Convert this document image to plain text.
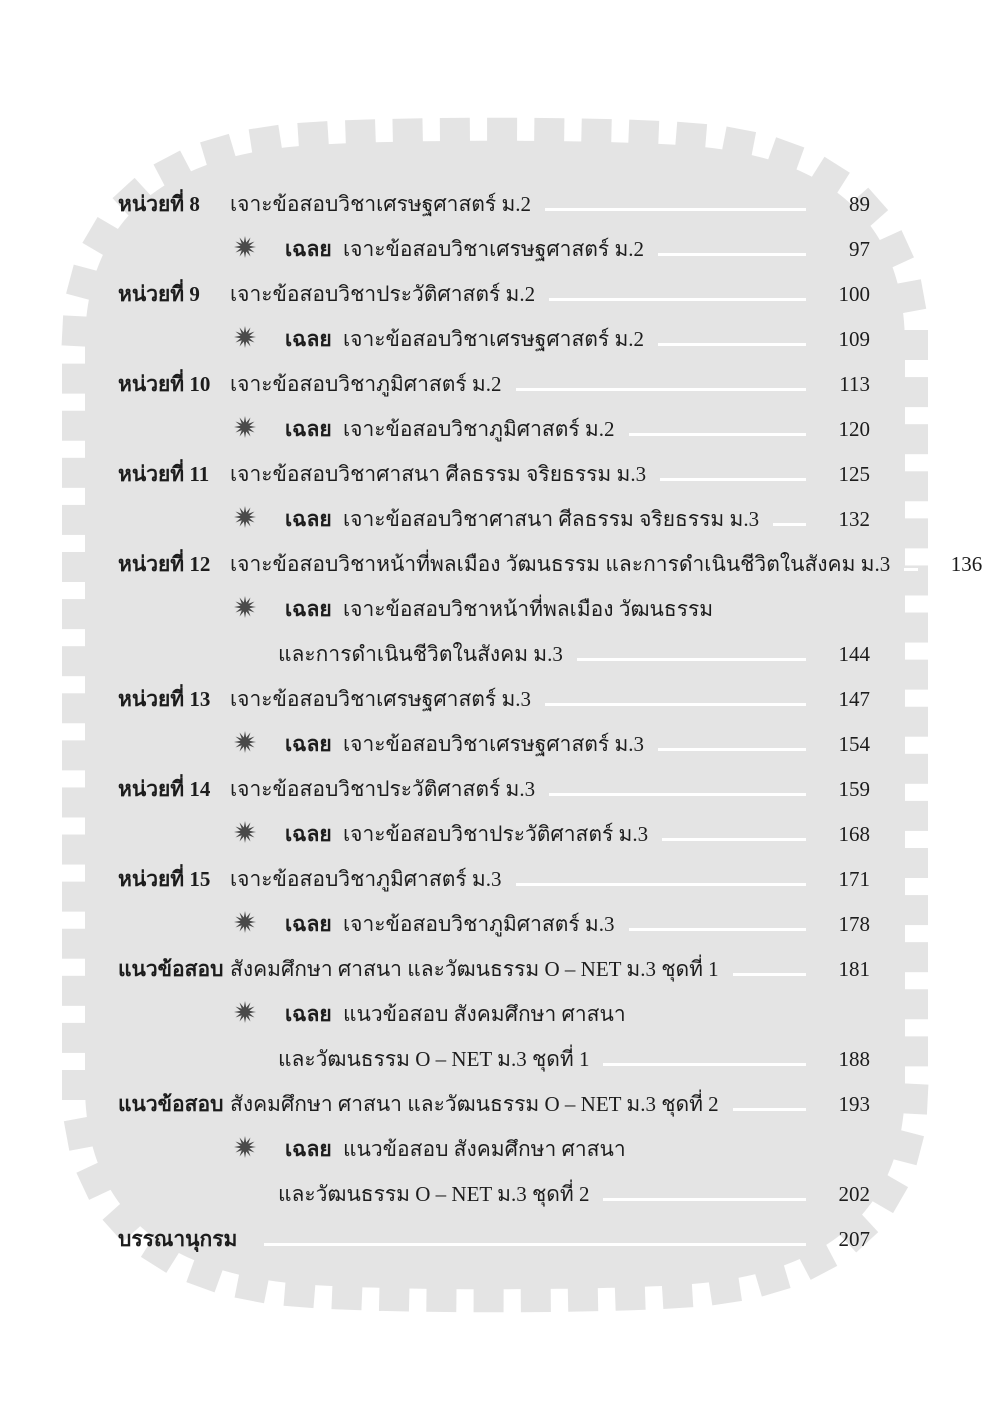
หน่วยที่ 8	เจาะข้อสอบวิชาเศรษฐศาสตร์ ม.2	89
เฉลย เจาะข้อสอบวิชาเศรษฐศาสตร์ ม.2	97
หน่วยที่ 9	เจาะข้อสอบวิชาประวัติศาสตร์ ม.2	100
เฉลย เจาะข้อสอบวิชาเศรษฐศาสตร์ ม.2	109
หน่วยที่ 10 เจาะข้อสอบวิชาภูมิศาสตร์ ม.2	113
เฉลย เจาะข้อสอบวิชาภูมิศาสตร์ ม.2	120
หน่วยที่ 11 เจาะข้อสอบวิชาศาสนา ศีลธรรม จริยธรรม ม.3	125
เฉลย เจาะข้อสอบวิชาศาสนา ศีลธรรม จริยธรรม ม.3	132
หน่วยที่ 12 เจาะข้อสอบวิชาหน้าที่พลเมือง วัฒนธรรม และการดำเนินชีวิตในสังคม ม.3	136
เฉลย เจาะข้อสอบวิชาหน้าที่พลเมือง วัฒนธรรม
และการดำเนินชีวิตในสังคม ม.3	144
หน่วยที่ 13 เจาะข้อสอบวิชาเศรษฐศาสตร์ ม.3	147
เฉลย เจาะข้อสอบวิชาเศรษฐศาสตร์ ม.3	154
หน่วยที่ 14 เจาะข้อสอบวิชาประวัติศาสตร์ ม.3	159
เฉลย เจาะข้อสอบวิชาประวัติศาสตร์ ม.3	168
หน่วยที่ 15 เจาะข้อสอบวิชาภูมิศาสตร์ ม.3	171
เฉลย เจาะข้อสอบวิชาภูมิศาสตร์ ม.3	178
แนวข้อสอบ สังคมศึกษา ศาสนา และวัฒนธรรม O – NET ม.3 ชุดที่ 1	181
เฉลย แนวข้อสอบ สังคมศึกษา ศาสนา
และวัฒนธรรม O – NET ม.3 ชุดที่ 1	188
แนวข้อสอบ สังคมศึกษา ศาสนา และวัฒนธรรม O – NET ม.3 ชุดที่ 2	193
เฉลย แนวข้อสอบ สังคมศึกษา ศาสนา
และวัฒนธรรม O – NET ม.3 ชุดที่ 2	202
บรรณานุกรม	207
